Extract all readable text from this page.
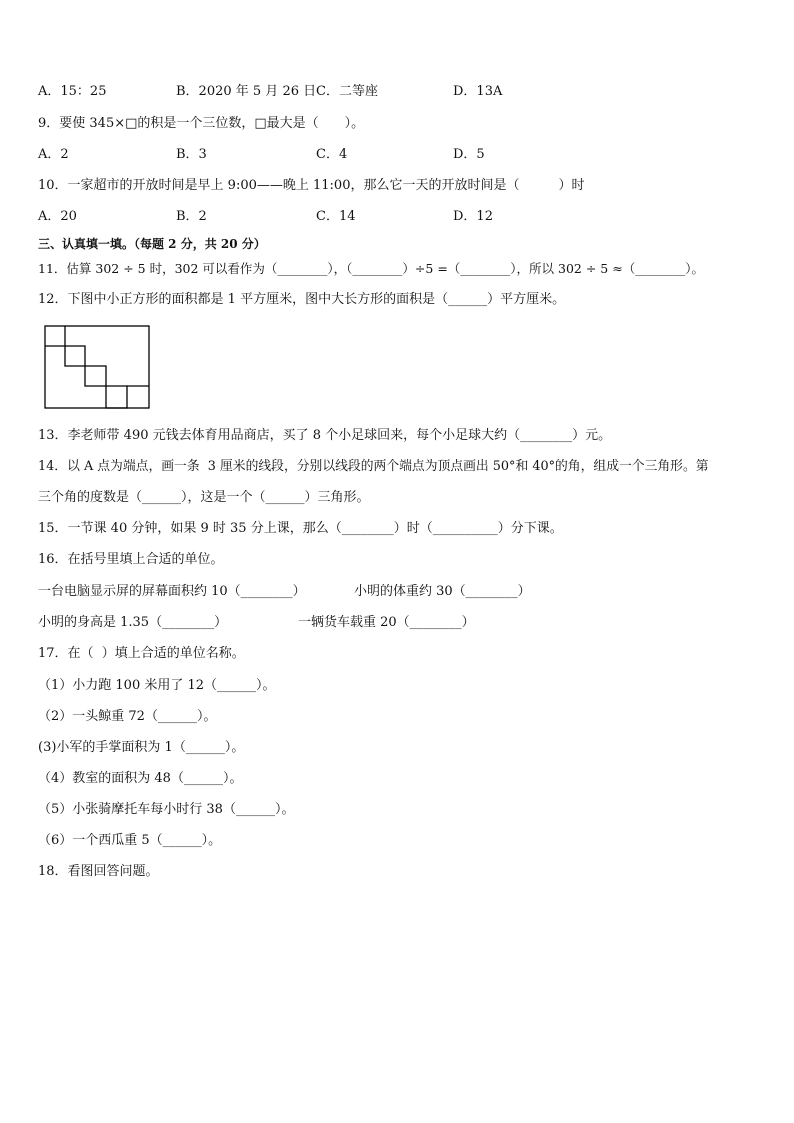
A．15：25	B．2020 年 5 月 26 日 C．二等座	D．13A
9．要使 345×□的积是一个三位数，□最大是（　　）。
A．2	B．3	C．4	D．5
10．一家超市的开放时间是早上 9:00——晚上 11:00，那么它一天的开放时间是（　　　）时
A．20	B．2	C．14	D．12
三、认真填一填。（每题 2 分，共 20 分）
11．估算 302 ÷ 5 时，302 可以看作为（________），（________）÷5 =（________），所以 302 ÷ 5 ≈（________）。
12．下图中小正方形的面积都是 1 平方厘米，图中大长方形的面积是（______）平方厘米。
13．李老师带 490 元钱去体育用品商店，买了 8 个小足球回来，每个小足球大约（________）元。
14．以 A 点为端点，画一条  3 厘米的线段，分别以线段的两个端点为顶点画出 50°和 40°的角，组成一个三角形。第
三个角的度数是（______），这是一个（______）三角形。
15．一节课 40 分钟，如果 9 时 35 分上课，那么（________）时（__________）分下课。
16．在括号里填上合适的单位。
一台电脑显示屏的屏幕面积约 10（________）	小明的体重约 30（________）
小明的身高是 1.35（________）	一辆货车载重 20（________）
17．在（  ）填上合适的单位名称。
（1）小力跑 100 米用了 12（______）。
（2）一头鲸重 72（______）。
(3)小军的手掌面积为 1（______）。
（4）教室的面积为 48（______）。
（5）小张骑摩托车每小时行 38（______）。
（6）一个西瓜重 5（______）。
18．看图回答问题。
